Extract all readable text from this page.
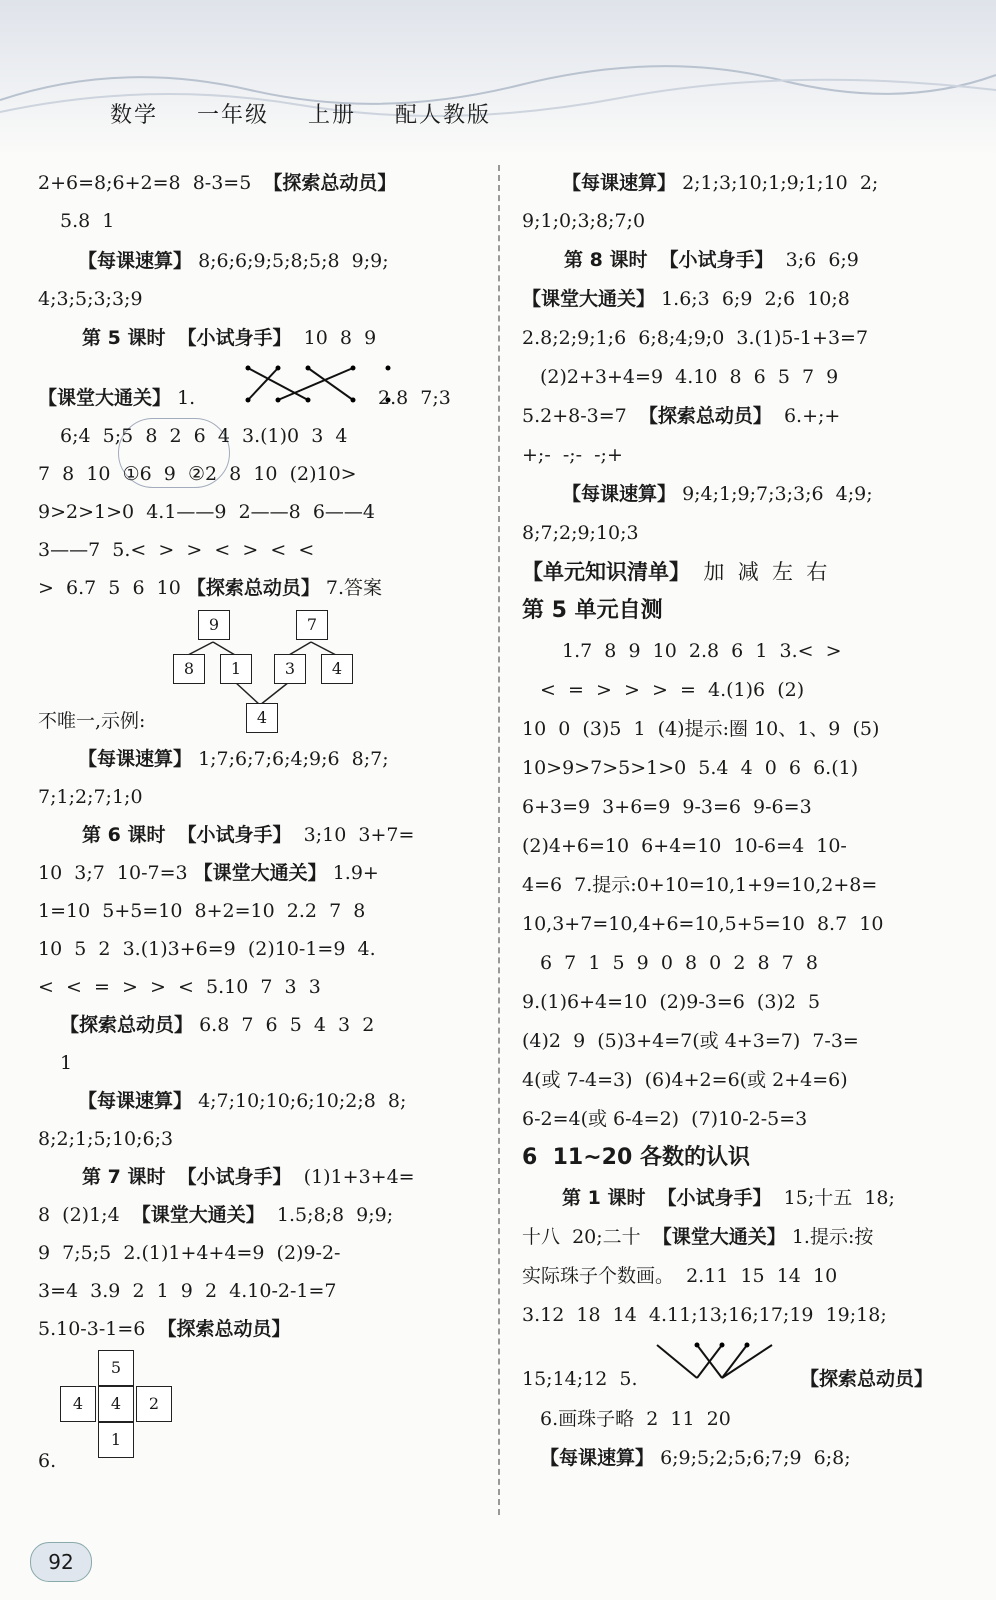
数学 一年级 上册 配人教版
2+6=8;6+2=8  8-3=5 【探索总动员】
5.8  1
【每课速算】 8;6;6;9;5;8;5;8  9;9;
4;3;5;3;3;9
第 5 课时 【小试身手】 10  8  9
【课堂大通关】 1.	2.8  7;3
6;4  5;5  8  2  6  4  3.(1)0  3  4
7  8  10  ①6  9  ②2  8  10  (2)10>
9>2>1>0  4.1——9  2——8  6——4
3——7  5.<  >  >  <  >  <  <
>  6.7  5  6  10 【探索总动员】 7.答案
9	7
8	1	3	4
4
不唯一,示例:
【每课速算】 1;7;6;7;6;4;9;6  8;7;
7;1;2;7;1;0
第 6 课时 【小试身手】 3;10  3+7=
10  3;7  10-7=3 【课堂大通关】 1.9+
1=10  5+5=10  8+2=10  2.2  7  8
10  5  2  3.(1)3+6=9  (2)10-1=9  4.
<  <  =  >  >  <  5.10  7  3  3
【探索总动员】 6.8  7  6  5  4  3  2
1
【每课速算】 4;7;10;10;6;10;2;8  8;
8;2;1;5;10;6;3
第 7 课时 【小试身手】 (1)1+3+4=
8  (2)1;4 【课堂大通关】 1.5;8;8  9;9;
9  7;5;5  2.(1)1+4+4=9  (2)9-2-
3=4  3.9  2  1  9  2  4.10-2-1=7
5.10-3-1=6 【探索总动员】
5
4	4	2
1
6.
【每课速算】 2;1;3;10;1;9;1;10  2;
9;1;0;3;8;7;0
第 8 课时 【小试身手】 3;6  6;9
【课堂大通关】 1.6;3  6;9  2;6  10;8
2.8;2;9;1;6  6;8;4;9;0  3.(1)5-1+3=7
(2)2+3+4=9  4.10  8  6  5  7  9
5.2+8-3=7 【探索总动员】 6.+;+
+;-  -;-  -;+
【每课速算】 9;4;1;9;7;3;3;6  4;9;
8;7;2;9;10;3
【单元知识清单】 加  减  左  右
第 5 单元自测
1.7  8  9  10  2.8  6  1  3.<  >
<  =  >  >  >  =  4.(1)6  (2)
10  0  (3)5  1  (4)提示:圈 10、1、9  (5)
10>9>7>5>1>0  5.4  4  0  6  6.(1)
6+3=9  3+6=9  9-3=6  9-6=3
(2)4+6=10  6+4=10  10-6=4  10-
4=6  7.提示:0+10=10,1+9=10,2+8=
10,3+7=10,4+6=10,5+5=10  8.7  10
6  7  1  5  9  0  8  0  2  8  7  8
9.(1)6+4=10  (2)9-3=6  (3)2  5
(4)2  9  (5)3+4=7(或 4+3=7)  7-3=
4(或 7-4=3)  (6)4+2=6(或 2+4=6)
6-2=4(或 6-4=2)  (7)10-2-5=3
6  11~20 各数的认识
第 1 课时 【小试身手】 15;十五  18;
十八  20;二十 【课堂大通关】 1.提示:按
实际珠子个数画。  2.11  15  14  10
3.12  18  14  4.11;13;16;17;19  19;18;
15;14;12  5.	【探索总动员】
6.画珠子略  2  11  20
【每课速算】 6;9;5;2;5;6;7;9  6;8;
92
